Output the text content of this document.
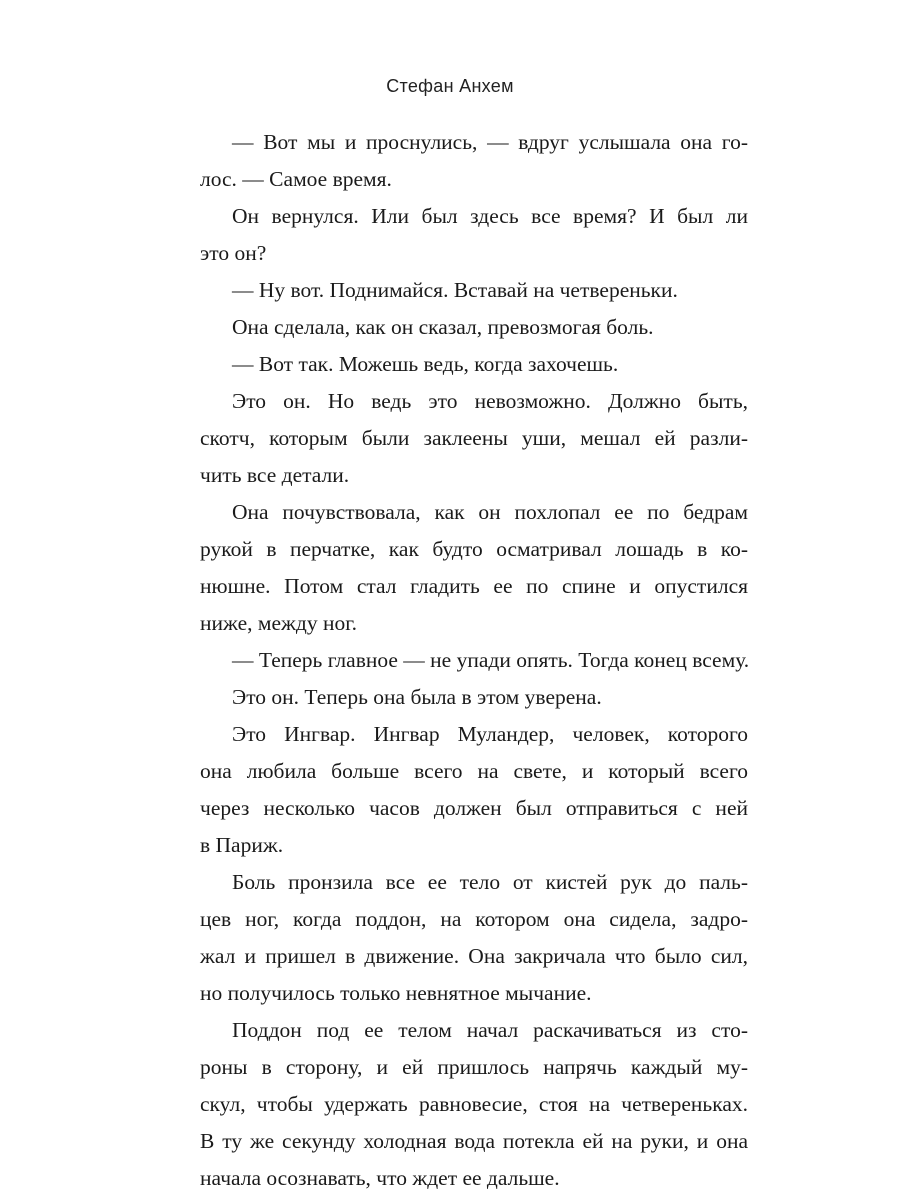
Стефан Анхем
— Вот мы и проснулись, — вдруг услышала она го-
лос. — Самое время.
Он вернулся. Или был здесь все время? И был ли
это он?
— Ну вот. Поднимайся. Вставай на четвереньки.
Она сделала, как он сказал, превозмогая боль.
— Вот так. Можешь ведь, когда захочешь.
Это он. Но ведь это невозможно. Должно быть,
скотч, которым были заклеены уши, мешал ей разли-
чить все детали.
Она почувствовала, как он похлопал ее по бедрам
рукой в перчатке, как будто осматривал лошадь в ко-
нюшне. Потом стал гладить ее по спине и опустился
ниже, между ног.
— Теперь главное — не упади опять. Тогда конец всему.
Это он. Теперь она была в этом уверена.
Это Ингвар. Ингвар Муландер, человек, которого
она любила больше всего на свете, и который всего
через несколько часов должен был отправиться с ней
в Париж.
Боль пронзила все ее тело от кистей рук до паль-
цев ног, когда поддон, на котором она сидела, задро-
жал и пришел в движение. Она закричала что было сил,
но получилось только невнятное мычание.
Поддон под ее телом начал раскачиваться из сто-
роны в сторону, и ей пришлось напрячь каждый му-
скул, чтобы удержать равновесие, стоя на четвереньках.
В ту же секунду холодная вода потекла ей на руки, и она
начала осознавать, что ждет ее дальше.
